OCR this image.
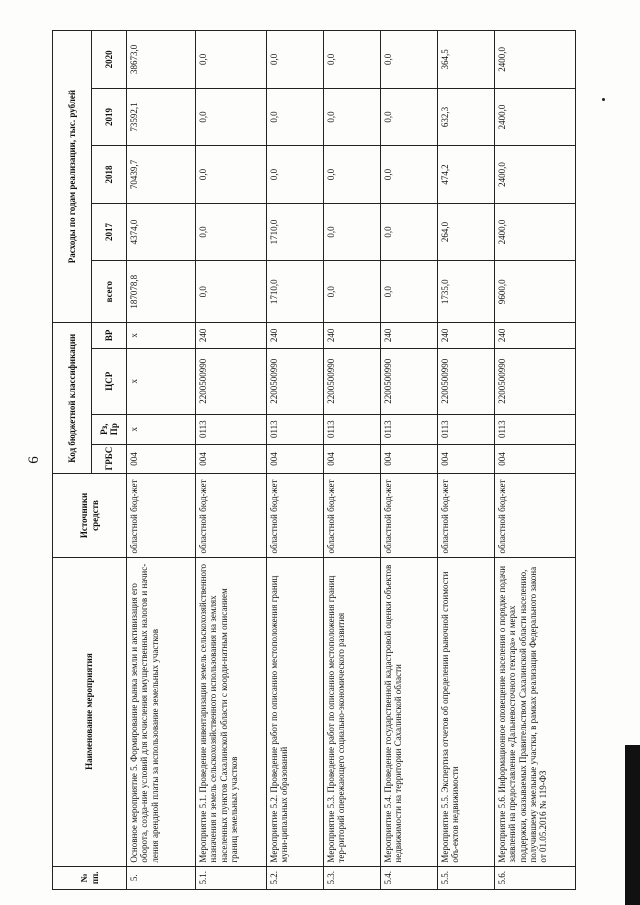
6
№ пп.	Наименование мероприятия	Источники средств	Код бюджетной классификации				Расходы по годам реализации, тыс. рублей				
			ГРБС	Рз, Пр	ЦСР	ВР	всего	2017	2018	2019	2020
5.	Основное мероприятие 5. Формирование рынка земли и активизация его оборота, созда-ние условий для исчисления имущественных налогов и начис-ления арендной платы за использование земельных участков	областной бюд-жет	004	x	x	x	187078,8	4374,0	70439,7	73592,1	38673,0
5.1.	Мероприятие 5.1. Проведение инвентаризации земель сельскохозяйственного назначения и земель сельскохозяйственного использования на землях населенных пунктов Сахалинской области с коорди-натным описанием границ земельных участков	областной бюд-жет	004	0113	2200500990	240	0,0	0,0	0,0	0,0	0,0
5.2.	Мероприятие 5.2. Проведение работ по описанию местоположения границ муни-ципальных образований	областной бюд-жет	004	0113	2200500990	240	1710,0	1710,0	0,0	0,0	0,0
5.3.	Мероприятие 5.3. Проведение работ по описанию местоположения границ тер-риторий опережающего социально-экономического развития	областной бюд-жет	004	0113	2200500990	240	0,0	0,0	0,0	0,0	0,0
5.4.	Мероприятие 5.4. Проведение государственной кадастровой оценки объектов недвижимости на территории Сахалинской области	областной бюд-жет	004	0113	2200500990	240	0,0	0,0	0,0	0,0	0,0
5.5.	Мероприятие 5.5. Экспертиза отчетов об определении рыночной стоимости объ-ектов недвижимости	областной бюд-жет	004	0113	2200500990	240	1735,0	264,0	474,2	632,3	364,5
5.6.	Мероприятие 5.6. Информационное оповещение населения о порядке подачи заявлений на предоставление «Дальневосточного гектара» и мерах поддержки, оказываемых Правительством Сахалинской области населению, получившему земельные участки, в рамках реализации Федерального закона от 01.05.2016 № 119-ФЗ	областной бюд-жет	004	0113	2200500990	240	9600,0	2400,0	2400,0	2400,0	2400,0
